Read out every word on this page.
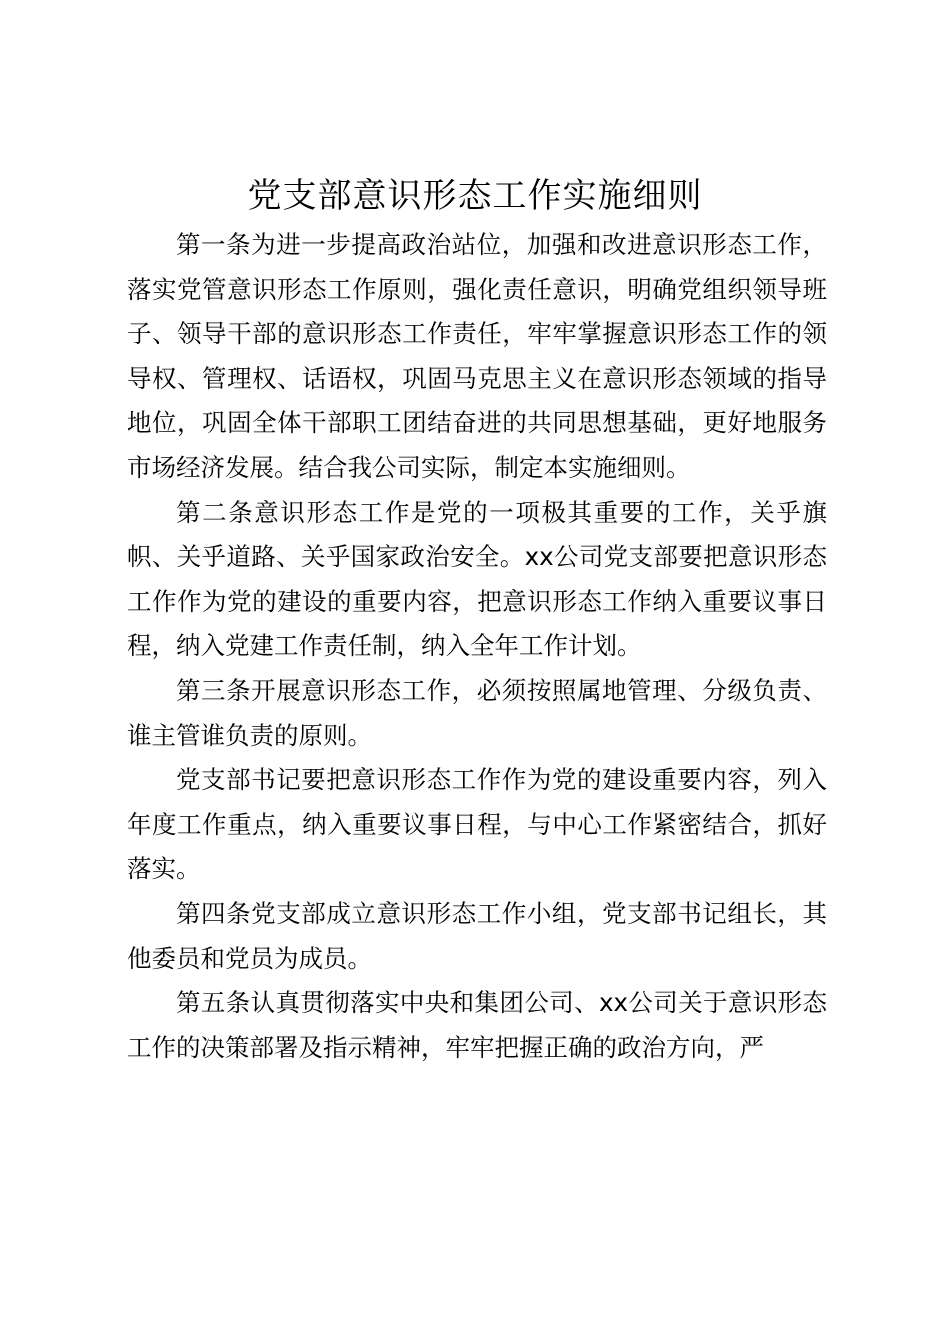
党支部意识形态工作实施细则

第一条为进一步提高政治站位，加强和改进意识形态工作，落实党管意识形态工作原则，强化责任意识，明确党组织领导班子、领导干部的意识形态工作责任，牢牢掌握意识形态工作的领导权、管理权、话语权，巩固马克思主义在意识形态领域的指导地位，巩固全体干部职工团结奋进的共同思想基础，更好地服务市场经济发展。结合我公司实际，制定本实施细则。

第二条意识形态工作是党的一项极其重要的工作，关乎旗帜、关乎道路、关乎国家政治安全。xx公司党支部要把意识形态工作作为党的建设的重要内容，把意识形态工作纳入重要议事日程，纳入党建工作责任制，纳入全年工作计划。

第三条开展意识形态工作，必须按照属地管理、分级负责、谁主管谁负责的原则。

党支部书记要把意识形态工作作为党的建设重要内容，列入年度工作重点，纳入重要议事日程，与中心工作紧密结合，抓好落实。

第四条党支部成立意识形态工作小组，党支部书记组长，其他委员和党员为成员。

第五条认真贯彻落实中央和集团公司、xx公司关于意识形态工作的决策部署及指示精神，牢牢把握正确的政治方向，严
